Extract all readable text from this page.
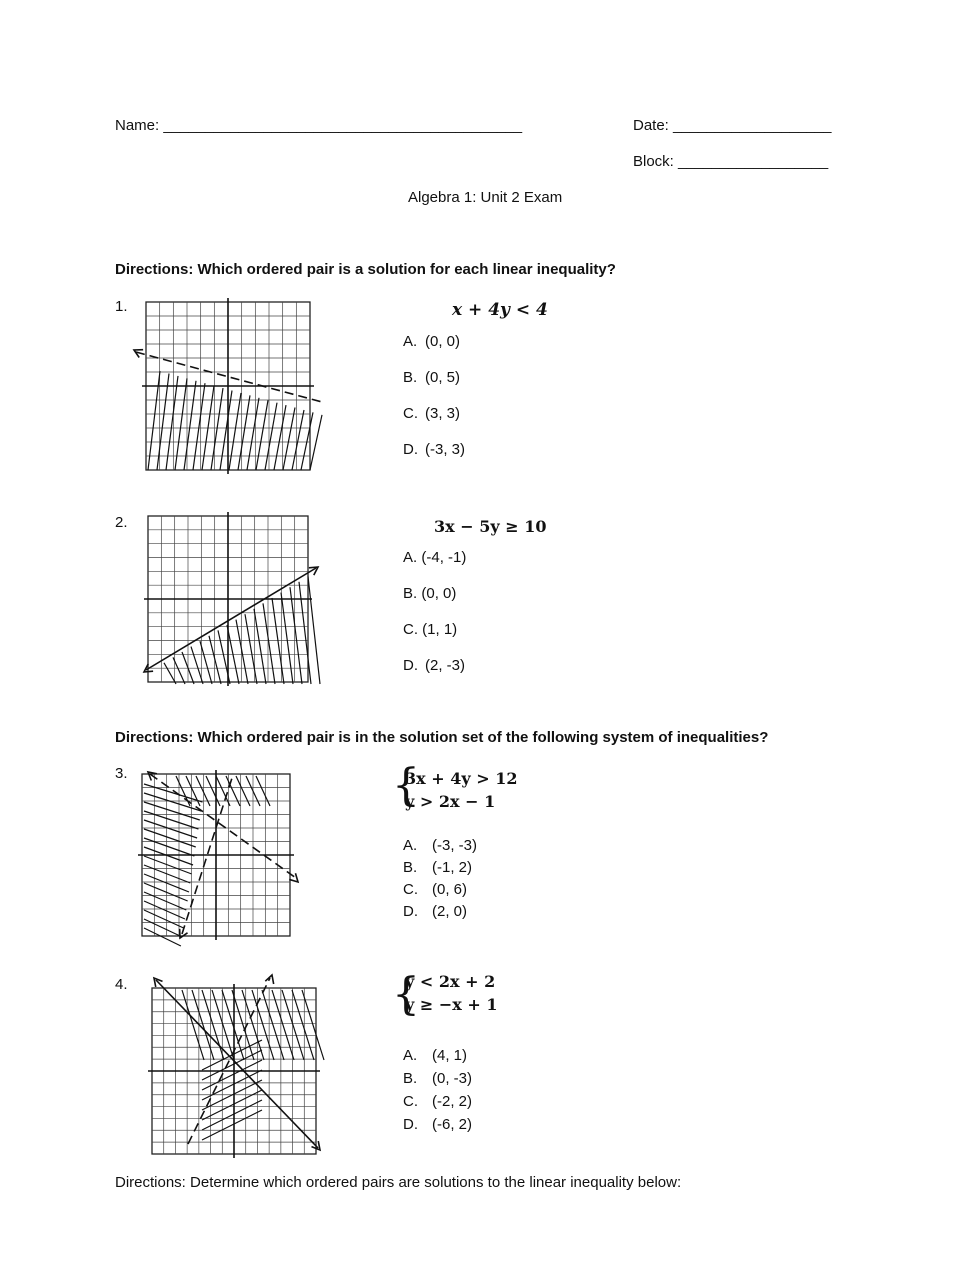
Name: ___________________________________________	Date: ___________________
Block: __________________
Algebra 1: Unit 2 Exam
Directions: Which ordered pair is a solution for each linear inequality?
1.	x + 4y < 4
A. (0, 0)
B. (0, 5)
C. (3, 3)
D. (-3, 3)
2.	3x − 5y ≥ 10
A. (-4, -1)
B. (0, 0)
C. (1, 1)
D. (2, -3)
Directions: Which ordered pair is in the solution set of the following system of inequalities?
3.	{
3x + 4y > 12
y > 2x − 1
A. (-3, -3)
B. (-1, 2)
C. (0, 6)
D. (2, 0)
4.	{
y < 2x + 2
y ≥ −x + 1
A. (4, 1)
B. (0, -3)
C. (-2, 2)
D. (-6, 2)
Directions: Determine which ordered pairs are solutions to the linear inequality below:
